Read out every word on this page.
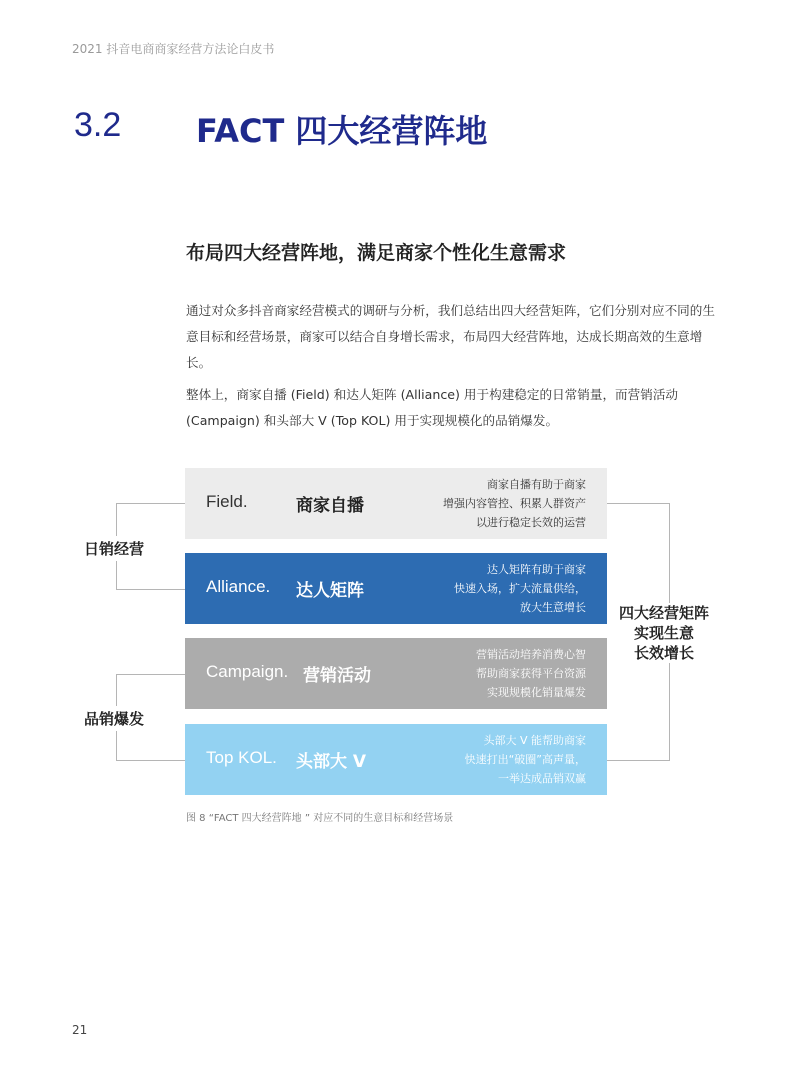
2021 抖音电商商家经营方法论白皮书
3.2 FACT 四大经营阵地
布局四大经营阵地，满足商家个性化生意需求

通过对众多抖音商家经营模式的调研与分析，我们总结出四大经营矩阵，它们分别对应不同的生意目标和经营场景，商家可以结合自身增长需求，布局四大经营阵地，达成长期高效的生意增长。

整体上，商家自播 (Field) 和达人矩阵 (Alliance) 用于构建稳定的日常销量，而营销活动 (Campaign) 和头部大 V (Top KOL) 用于实现规模化的品销爆发。

日销经营
品销爆发
四大经营矩阵
实现生意
长效增长
Field.	商家自播
商家自播有助于商家
增强内容管控、积累人群资产
以进行稳定长效的运营
Alliance. 达人矩阵
达人矩阵有助于商家
快速入场，扩大流量供给，
放大生意增长
Campaign. 营销活动
营销活动培养消费心智
帮助商家获得平台资源
实现规模化销量爆发
Top KOL. 头部大 V
头部大 V 能帮助商家
快速打出“破圈”高声量，
一举达成品销双赢
图 8 “FACT 四大经营阵地 ” 对应不同的生意目标和经营场景
21
